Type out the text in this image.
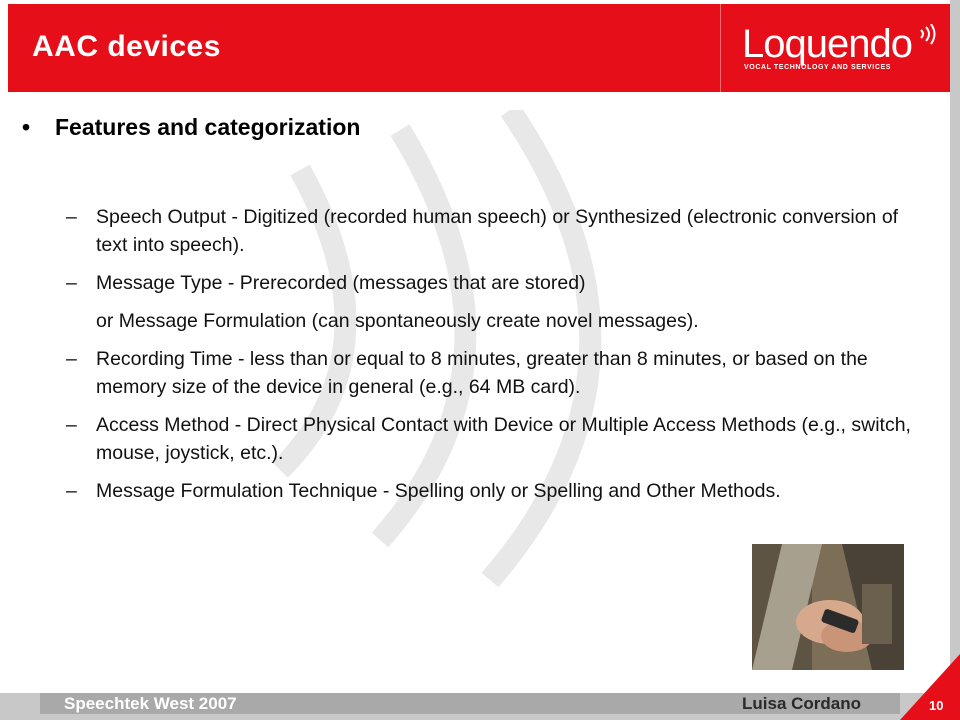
AAC devices	Loquendo
VOCAL TECHNOLOGY AND SERVICES
• Features and categorization
– Speech Output - Digitized (recorded human speech) or Synthesized (electronic conversion of text into speech).
– Message Type - Prerecorded (messages that are stored)
or Message Formulation (can spontaneously create novel messages).
– Recording Time - less than or equal to 8 minutes, greater than 8 minutes, or based on the memory size of the device in general (e.g., 64 MB card).
– Access Method - Direct Physical Contact with Device or Multiple Access Methods (e.g., switch, mouse, joystick, etc.).
– Message Formulation Technique - Spelling only or Spelling and Other Methods.
Speechtek West 2007	Luisa Cordano	10
